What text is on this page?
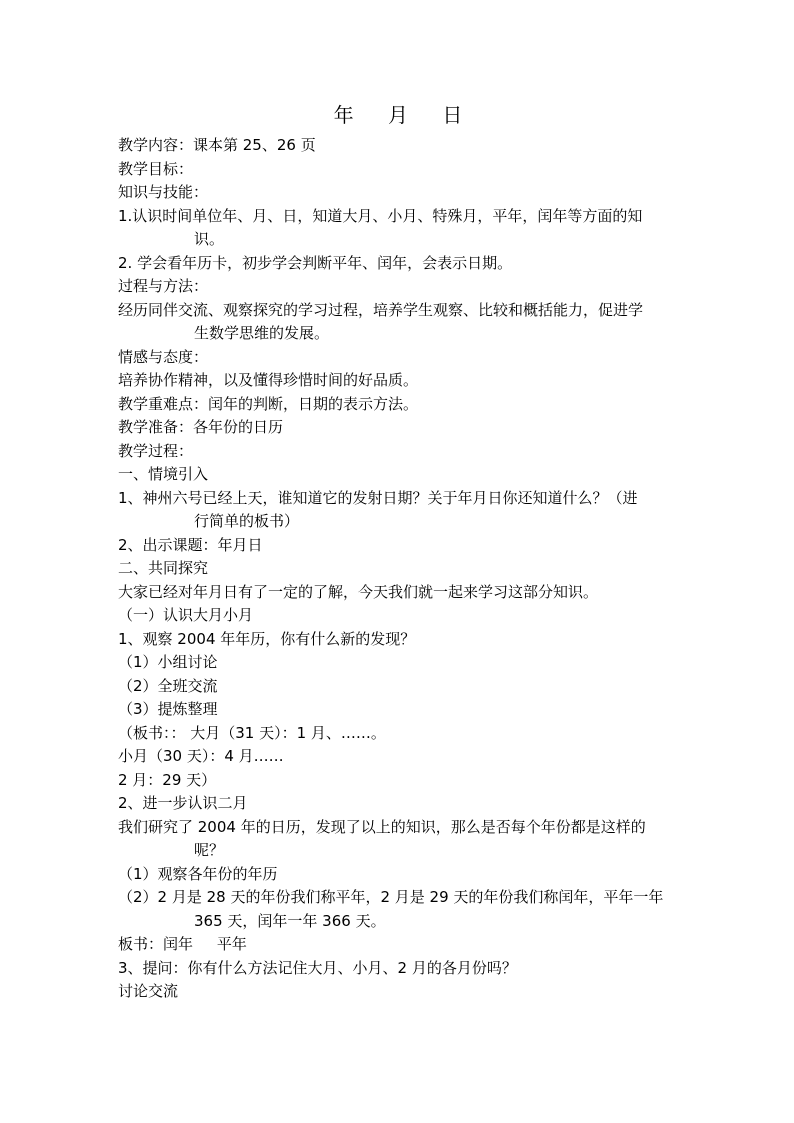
年 月 日
教学内容：课本第 25、26 页
教学目标：
知识与技能：
1.认识时间单位年、月、日，知道大月、小月、特殊月，平年，闰年等方面的知
识。
2. 学会看年历卡，初步学会判断平年、闰年，会表示日期。
过程与方法：
经历同伴交流、观察探究的学习过程，培养学生观察、比较和概括能力，促进学
生数学思维的发展。
情感与态度：
培养协作精神，以及懂得珍惜时间的好品质。
教学重难点：闰年的判断，日期的表示方法。
教学准备：各年份的日历
教学过程：
一、情境引入
1、神州六号已经上天，谁知道它的发射日期？关于年月日你还知道什么？（进
行简单的板书）
2、出示课题：年月日
二、共同探究
大家已经对年月日有了一定的了解，今天我们就一起来学习这部分知识。
（一）认识大月小月
1、观察 2004 年年历，你有什么新的发现？
（1）小组讨论
（2）全班交流
（3）提炼整理
（板书：： 大月（31 天）：1 月、……。
小月（30 天）：4 月……
2 月：29 天）
2、进一步认识二月
我们研究了 2004 年的日历，发现了以上的知识，那么是否每个年份都是这样的
呢？
（1）观察各年份的年历
（2）2 月是 28 天的年份我们称平年，2 月是 29 天的年份我们称闰年，平年一年
365 天，闰年一年 366 天。
板书：闰年     平年
3、提问：你有什么方法记住大月、小月、2 月的各月份吗？
讨论交流
